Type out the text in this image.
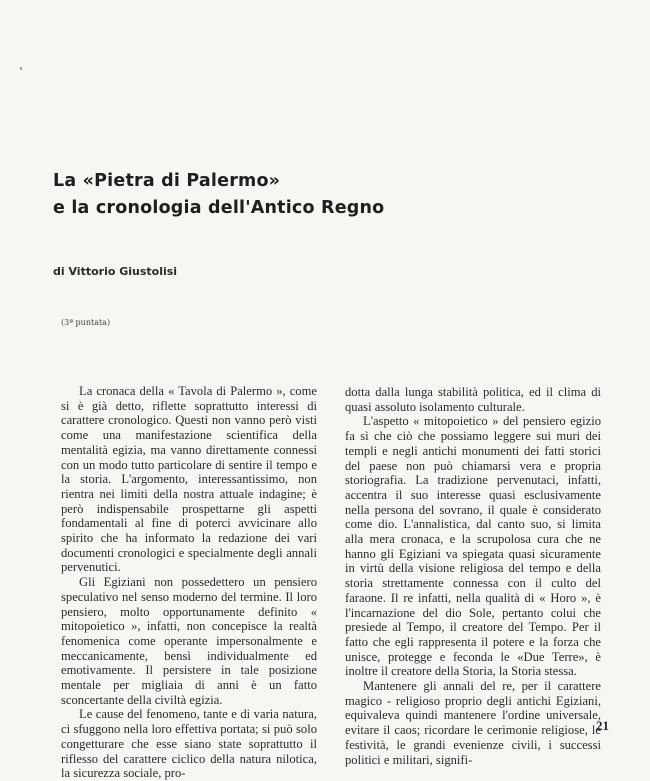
La «Pietra di Palermo»
e la cronologia dell'Antico Regno
di Vittorio Giustolisi
(3ª puntata)

La cronaca della « Tavola di Palermo », come si è già detto, riflette soprattutto interessi di carattere cronologico. Questi non vanno però visti come una manifestazione scientifica della mentalità egizia, ma vanno direttamente connessi con un modo tutto particolare di sentire il tempo e la storia. L'argomento, interessantissimo, non rientra nei limiti della nostra attuale indagine; è però indispensabile prospettarne gli aspetti fondamentali al fine di poterci avvicinare allo spirito che ha informato la redazione dei vari documenti cronologici e specialmente degli annali pervenutici.

Gli Egiziani non possedettero un pensiero speculativo nel senso moderno del termine. Il loro pensiero, molto opportunamente definito « mitopoietico », infatti, non concepisce la realtà fenomenica come operante impersonalmente e meccanicamente, bensì individualmente ed emotivamente. Il persistere in tale posizione mentale per migliaia di anni è un fatto sconcertante della civiltà egizia.

Le cause del fenomeno, tante e di varia natura, ci sfuggono nella loro effettiva portata; si può solo congetturare che esse siano state soprattutto il riflesso del carattere ciclico della natura nilotica, la sicurezza sociale, pro-

dotta dalla lunga stabilità politica, ed il clima di quasi assoluto isolamento culturale.

L'aspetto « mitopoietico » del pensiero egizio fa sì che ciò che possiamo leggere sui muri dei templi e negli antichi monumenti dei fatti storici del paese non può chiamarsi vera e propria storiografia. La tradizione pervenutaci, infatti, accentra il suo interesse quasi esclusivamente nella persona del sovrano, il quale è considerato come dio. L'annalistica, dal canto suo, si limita alla mera cronaca, e la scrupolosa cura che ne hanno gli Egiziani va spiegata quasi sicuramente in virtù della visione religiosa del tempo e della storia strettamente connessa con il culto del faraone. Il re infatti, nella qualità di « Horo », è l'incarnazione del dio Sole, pertanto colui che presiede al Tempo, il creatore del Tempo. Per il fatto che egli rappresenta il potere e la forza che unisce, protegge e feconda le «Due Terre», è inoltre il creatore della Storia, la Storia stessa.

Mantenere gli annali del re, per il carattere magico - religioso proprio degli antichi Egiziani, equivaleva quindi mantenere l'ordine universale, evitare il caos; ricordare le cerimonie religiose, le festività, le grandi evenienze civili, i successi politici e militari, signifi-

21
